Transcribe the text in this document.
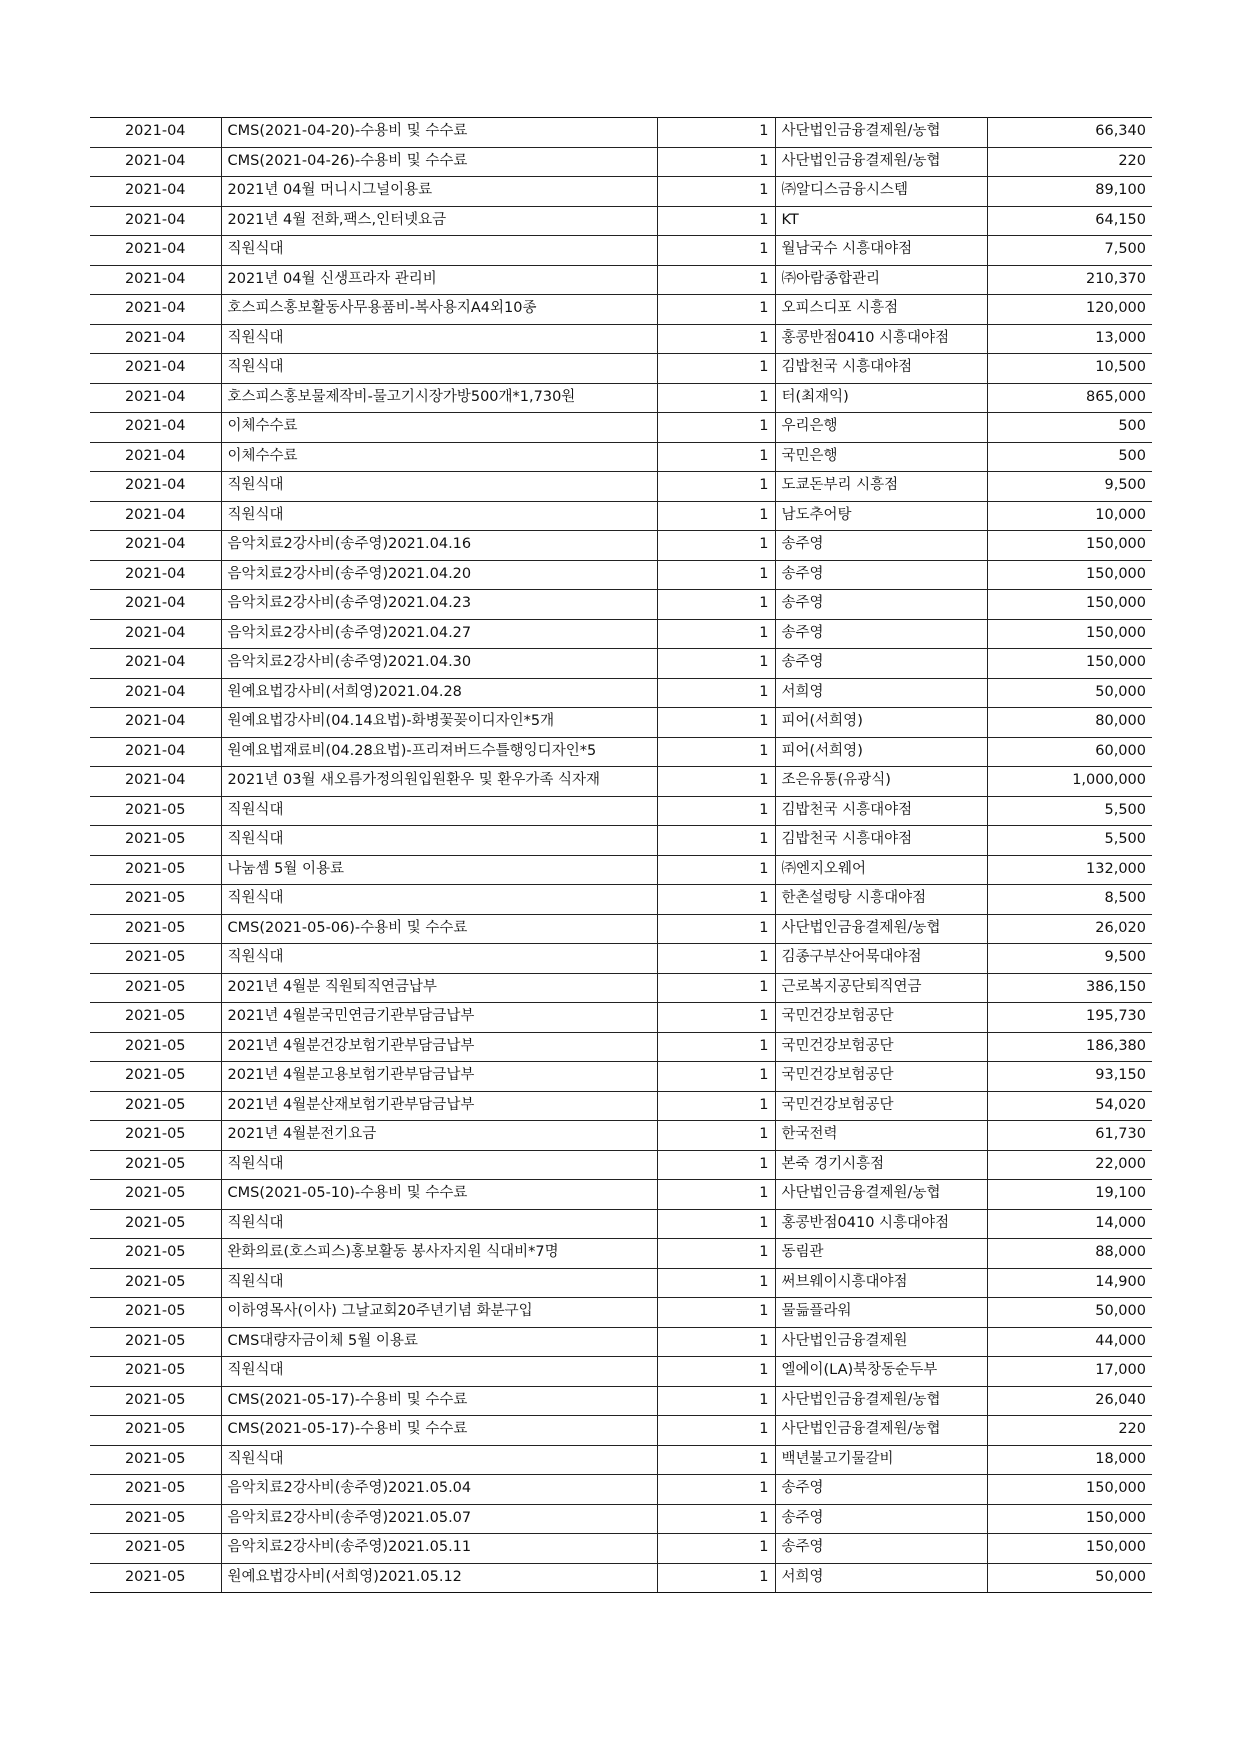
2021-04	CMS(2021-04-20)-수용비 및 수수료	1	사단법인금융결제원/농협	66,340
2021-04	CMS(2021-04-26)-수용비 및 수수료	1	사단법인금융결제원/농협	220
2021-04	2021년 04월 머니시그널이용료	1	㈜알디스금융시스템	89,100
2021-04	2021년 4월 전화,팩스,인터넷요금	1	KT	64,150
2021-04	직원식대	1	월남국수 시흥대야점	7,500
2021-04	2021년 04월 신생프라자 관리비	1	㈜아람종합관리	210,370
2021-04	호스피스홍보활동사무용품비-복사용지A4외10종	1	오피스디포 시흥점	120,000
2021-04	직원식대	1	홍콩반점0410 시흥대야점	13,000
2021-04	직원식대	1	김밥천국 시흥대야점	10,500
2021-04	호스피스홍보물제작비-물고기시장가방500개*1,730원	1	터(최재익)	865,000
2021-04	이체수수료	1	우리은행	500
2021-04	이체수수료	1	국민은행	500
2021-04	직원식대	1	도쿄돈부리 시흥점	9,500
2021-04	직원식대	1	남도추어탕	10,000
2021-04	음악치료2강사비(송주영)2021.04.16	1	송주영	150,000
2021-04	음악치료2강사비(송주영)2021.04.20	1	송주영	150,000
2021-04	음악치료2강사비(송주영)2021.04.23	1	송주영	150,000
2021-04	음악치료2강사비(송주영)2021.04.27	1	송주영	150,000
2021-04	음악치료2강사비(송주영)2021.04.30	1	송주영	150,000
2021-04	원예요법강사비(서희영)2021.04.28	1	서희영	50,000
2021-04	원예요법강사비(04.14요법)-화병꽃꽂이디자인*5개	1	피어(서희영)	80,000
2021-04	원예요법재료비(04.28요법)-프리져버드수틀행잉디자인*5	1	피어(서희영)	60,000
2021-04	2021년 03월 새오름가정의원입원환우 및 환우가족 식자재	1	조은유통(유광식)	1,000,000
2021-05	직원식대	1	김밥천국 시흥대야점	5,500
2021-05	직원식대	1	김밥천국 시흥대야점	5,500
2021-05	나눔셈 5월 이용료	1	㈜엔지오웨어	132,000
2021-05	직원식대	1	한촌설렁탕 시흥대야점	8,500
2021-05	CMS(2021-05-06)-수용비 및 수수료	1	사단법인금융결제원/농협	26,020
2021-05	직원식대	1	김종구부산어묵대야점	9,500
2021-05	2021년 4월분 직원퇴직연금납부	1	근로복지공단퇴직연금	386,150
2021-05	2021년 4월분국민연금기관부담금납부	1	국민건강보험공단	195,730
2021-05	2021년 4월분건강보험기관부담금납부	1	국민건강보험공단	186,380
2021-05	2021년 4월분고용보험기관부담금납부	1	국민건강보험공단	93,150
2021-05	2021년 4월분산재보험기관부담금납부	1	국민건강보험공단	54,020
2021-05	2021년 4월분전기요금	1	한국전력	61,730
2021-05	직원식대	1	본죽 경기시흥점	22,000
2021-05	CMS(2021-05-10)-수용비 및 수수료	1	사단법인금융결제원/농협	19,100
2021-05	직원식대	1	홍콩반점0410 시흥대야점	14,000
2021-05	완화의료(호스피스)홍보활동 봉사자지원 식대비*7명	1	동림관	88,000
2021-05	직원식대	1	써브웨이시흥대야점	14,900
2021-05	이하영목사(이사) 그날교회20주년기념 화분구입	1	물듦플라워	50,000
2021-05	CMS대량자금이체 5월 이용료	1	사단법인금융결제원	44,000
2021-05	직원식대	1	엘에이(LA)북창동순두부	17,000
2021-05	CMS(2021-05-17)-수용비 및 수수료	1	사단법인금융결제원/농협	26,040
2021-05	CMS(2021-05-17)-수용비 및 수수료	1	사단법인금융결제원/농협	220
2021-05	직원식대	1	백년불고기물갈비	18,000
2021-05	음악치료2강사비(송주영)2021.05.04	1	송주영	150,000
2021-05	음악치료2강사비(송주영)2021.05.07	1	송주영	150,000
2021-05	음악치료2강사비(송주영)2021.05.11	1	송주영	150,000
2021-05	원예요법강사비(서희영)2021.05.12	1	서희영	50,000
